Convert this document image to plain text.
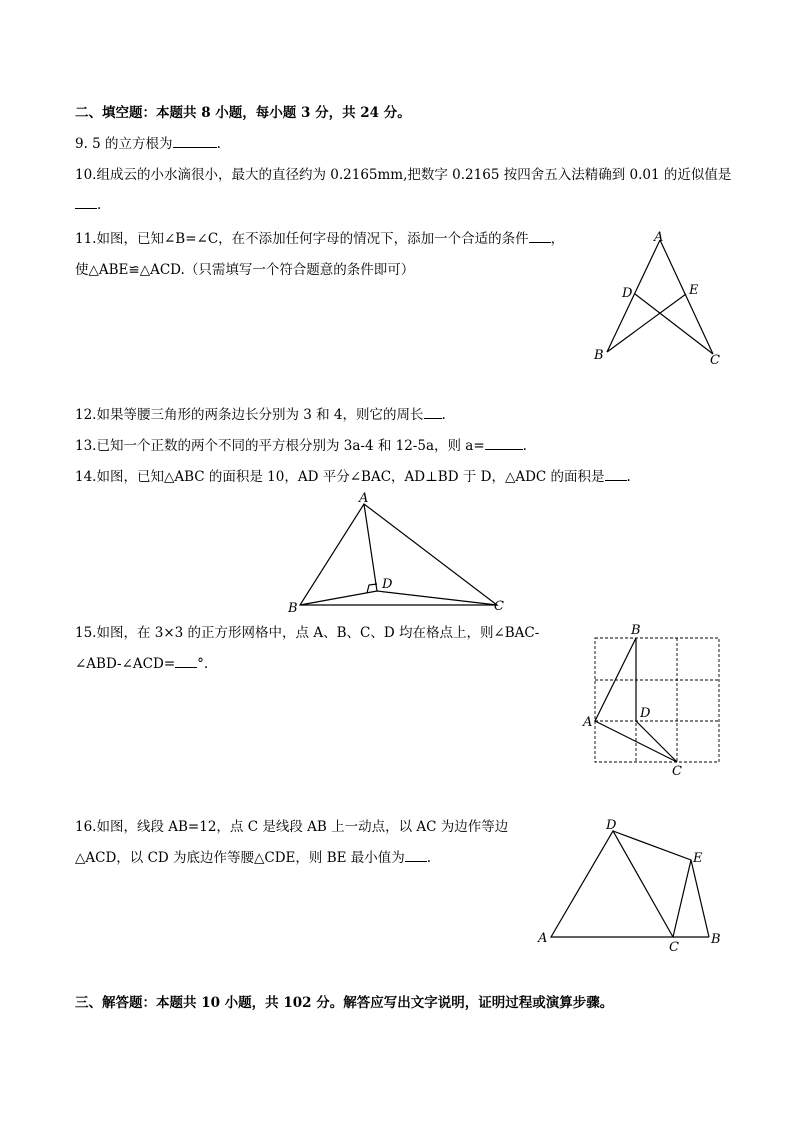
二、填空题：本题共 8 小题，每小题 3 分，共 24 分。
9. 5 的立方根为	.
10.组成云的小水滴很小，最大的直径约为 0.2165mm,把数字 0.2165 按四舍五入法精确到 0.01 的近似值是
.
11.如图，已知∠B=∠C，在不添加任何字母的情况下，添加一个合适的条件 ，
使△ABE≌△ACD.（只需填写一个符合题意的条件即可）
A
D	E
B	C
12.如果等腰三角形的两条边长分别为 3 和 4，则它的周长 .
13.已知一个正数的两个不同的平方根分别为 3a-4 和 12-5a，则 a=	.
14.如图，已知△ABC 的面积是 10，AD 平分∠BAC，AD⊥BD 于 D，△ADC 的面积是 .
A
D
B	C
15.如图，在 3×3 的正方形网格中，点 A、B、C、D 均在格点上，则∠BAC-
∠ABD-∠ACD= °.
B
A
D
C
16.如图，线段 AB=12，点 C 是线段 AB 上一动点，以 AC 为边作等边
△ACD，以 CD 为底边作等腰△CDE，则 BE 最小值为 .
D
E
A
C
B
三、解答题：本题共 10 小题，共 102 分。解答应写出文字说明，证明过程或演算步骤。
